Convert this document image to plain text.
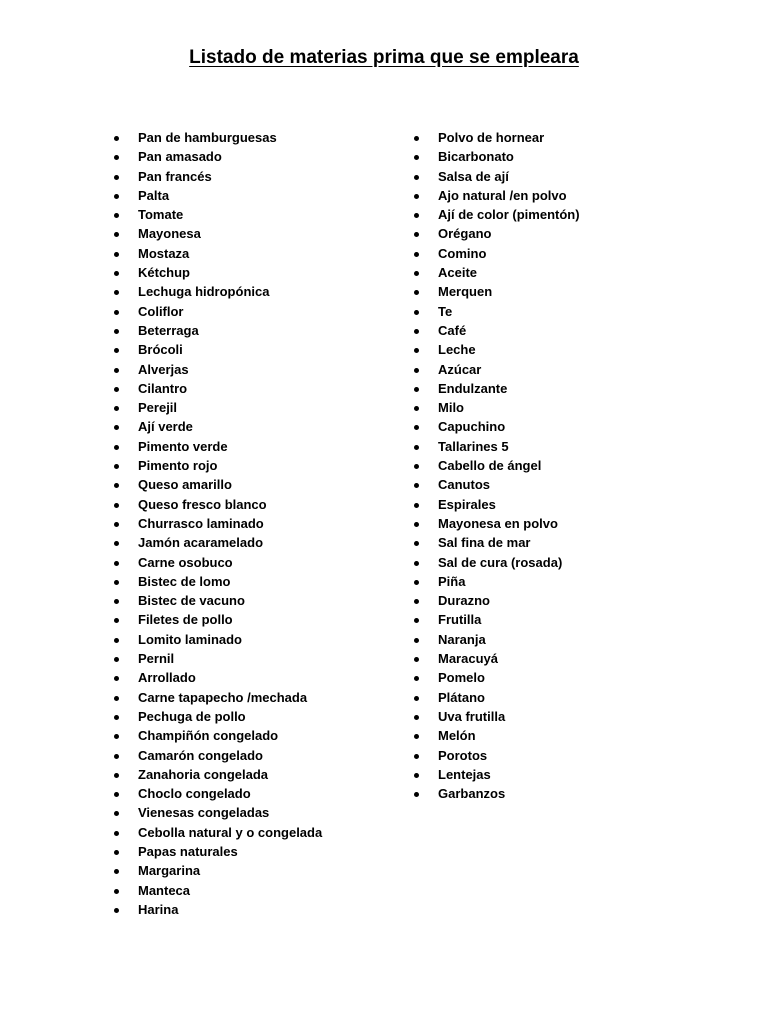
Listado de materias prima que se empleara
Pan de hamburguesas
Pan amasado
Pan francés
Palta
Tomate
Mayonesa
Mostaza
Kétchup
Lechuga hidropónica
Coliflor
Beterraga
Brócoli
Alverjas
Cilantro
Perejil
Ají verde
Pimento verde
Pimento rojo
Queso amarillo
Queso fresco blanco
Churrasco laminado
Jamón acaramelado
Carne osobuco
Bistec de lomo
Bistec de vacuno
Filetes de pollo
Lomito laminado
Pernil
Arrollado
Carne tapapecho /mechada
Pechuga de pollo
Champiñón congelado
Camarón congelado
Zanahoria congelada
Choclo congelado
Vienesas congeladas
Cebolla natural y o congelada
Papas naturales
Margarina
Manteca
Harina
Polvo de hornear
Bicarbonato
Salsa de ají
Ajo natural /en polvo
Ají de color (pimentón)
Orégano
Comino
Aceite
Merquen
Te
Café
Leche
Azúcar
Endulzante
Milo
Capuchino
Tallarines 5
Cabello de ángel
Canutos
Espirales
Mayonesa en polvo
Sal fina de mar
Sal de cura (rosada)
Piña
Durazno
Frutilla
Naranja
Maracuyá
Pomelo
Plátano
Uva frutilla
Melón
Porotos
Lentejas
Garbanzos
